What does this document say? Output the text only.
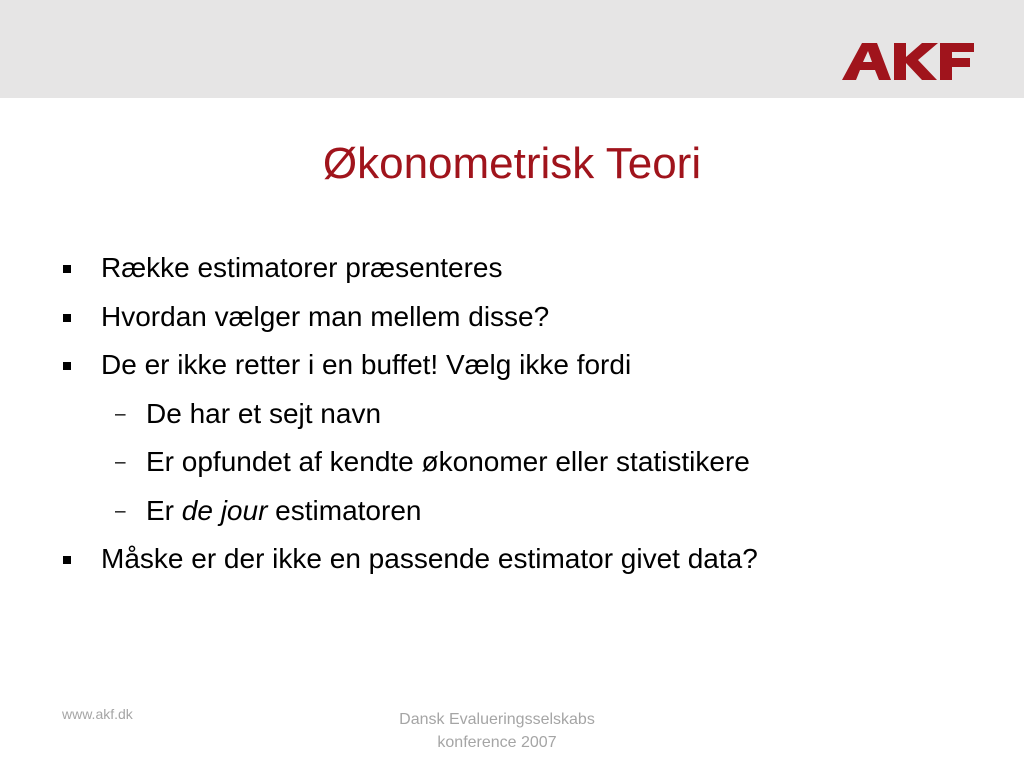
Økonometrisk Teori
Række estimatorer præsenteres
Hvordan vælger man mellem disse?
De er ikke retter i en buffet! Vælg ikke fordi
– De har et sejt navn
– Er opfundet af kendte økonomer eller statistikere
– Er de jour estimatoren
Måske er der ikke en passende estimator givet data?
www.akf.dk	Dansk Evalueringsselskabs
konference 2007
